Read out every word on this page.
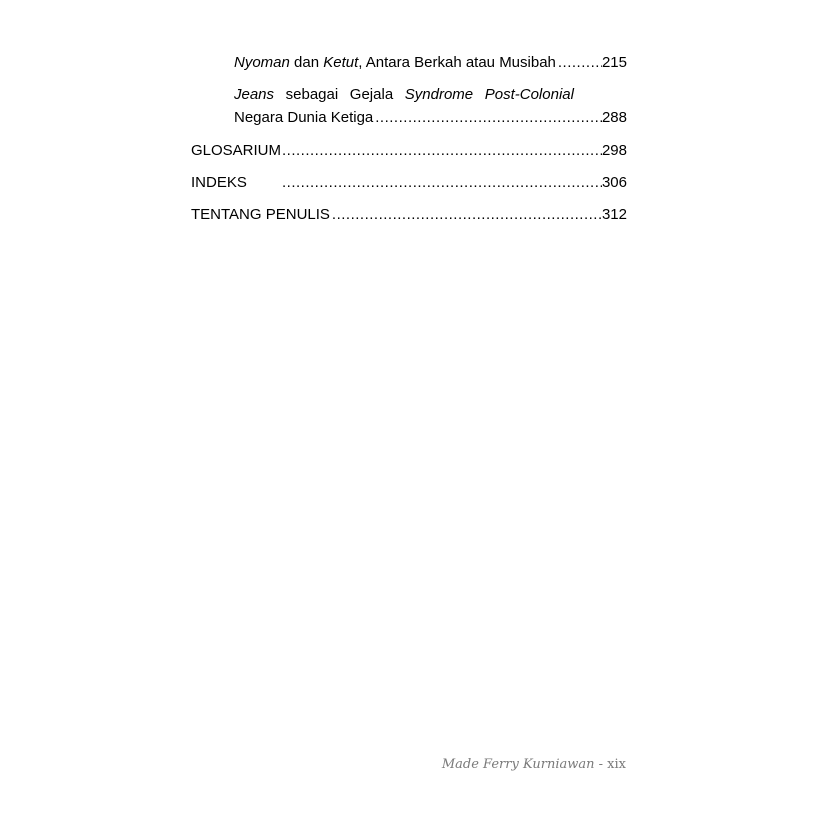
Nyoman dan Ketut, Antara Berkah atau Musibah .....	215
Jeans sebagai Gejala Syndrome Post-Colonial
Negara Dunia Ketiga .....	288
GLOSARIUM .....	298
INDEKS .....	306
TENTANG PENULIS .....	312
Made Ferry Kurniawan - xix
